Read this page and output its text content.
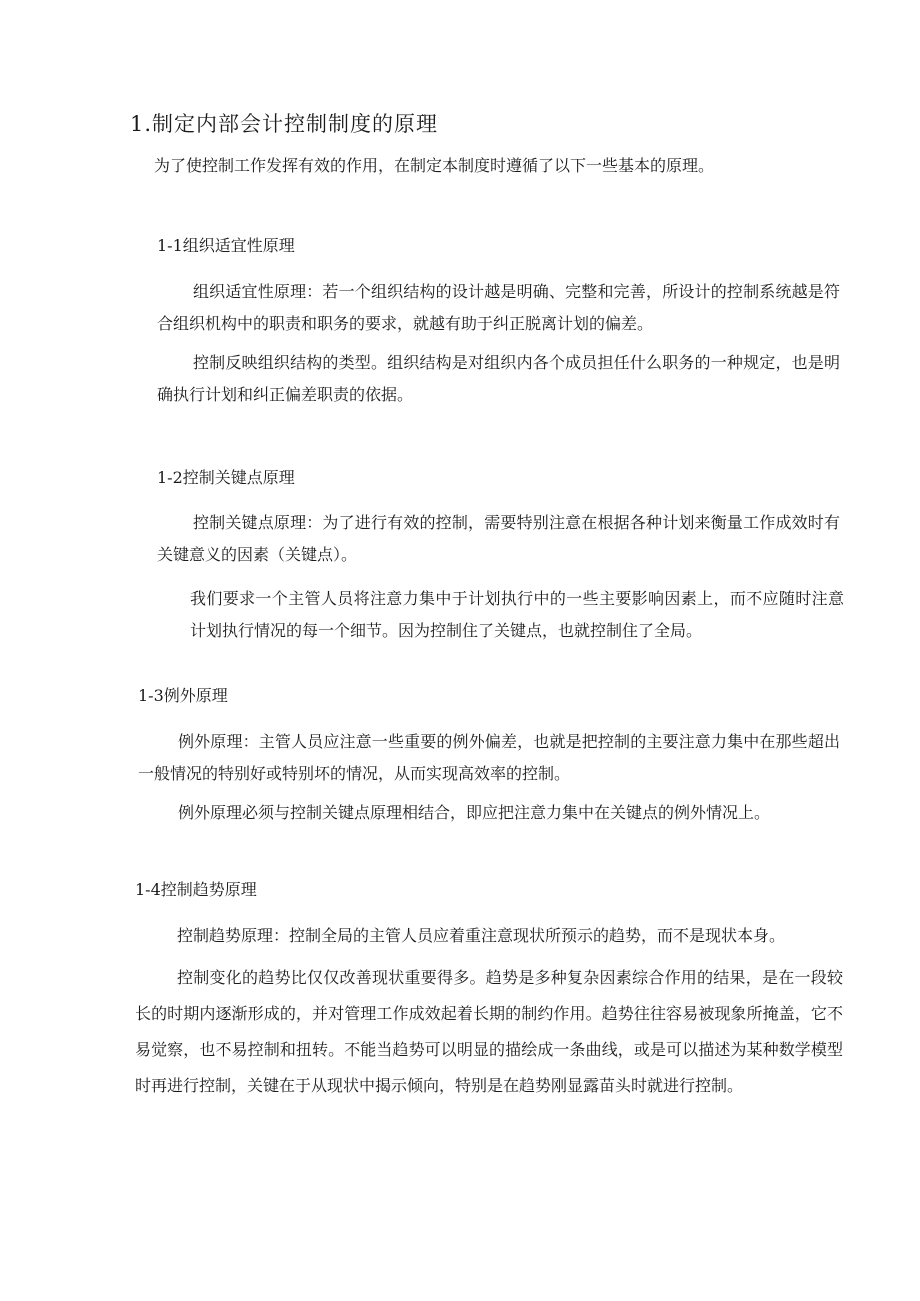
1.制定内部会计控制制度的原理
为了使控制工作发挥有效的作用，在制定本制度时遵循了以下一些基本的原理。
1-1组织适宜性原理
组织适宜性原理：若一个组织结构的设计越是明确、完整和完善，所设计的控制系统越是符合组织机构中的职责和职务的要求，就越有助于纠正脱离计划的偏差。
控制反映组织结构的类型。组织结构是对组织内各个成员担任什么职务的一种规定，也是明确执行计划和纠正偏差职责的依据。
1-2控制关键点原理
控制关键点原理：为了进行有效的控制，需要特别注意在根据各种计划来衡量工作成效时有关键意义的因素（关键点）。
我们要求一个主管人员将注意力集中于计划执行中的一些主要影响因素上，而不应随时注意计划执行情况的每一个细节。因为控制住了关键点，也就控制住了全局。
1-3例外原理
例外原理：主管人员应注意一些重要的例外偏差，也就是把控制的主要注意力集中在那些超出一般情况的特别好或特别坏的情况，从而实现高效率的控制。
例外原理必须与控制关键点原理相结合，即应把注意力集中在关键点的例外情况上。
1-4控制趋势原理
控制趋势原理：控制全局的主管人员应着重注意现状所预示的趋势，而不是现状本身。
控制变化的趋势比仅仅改善现状重要得多。趋势是多种复杂因素综合作用的结果，是在一段较长的时期内逐渐形成的，并对管理工作成效起着长期的制约作用。趋势往往容易被现象所掩盖，它不易觉察，也不易控制和扭转。不能当趋势可以明显的描绘成一条曲线，或是可以描述为某种数学模型时再进行控制，关键在于从现状中揭示倾向，特别是在趋势刚显露苗头时就进行控制。
